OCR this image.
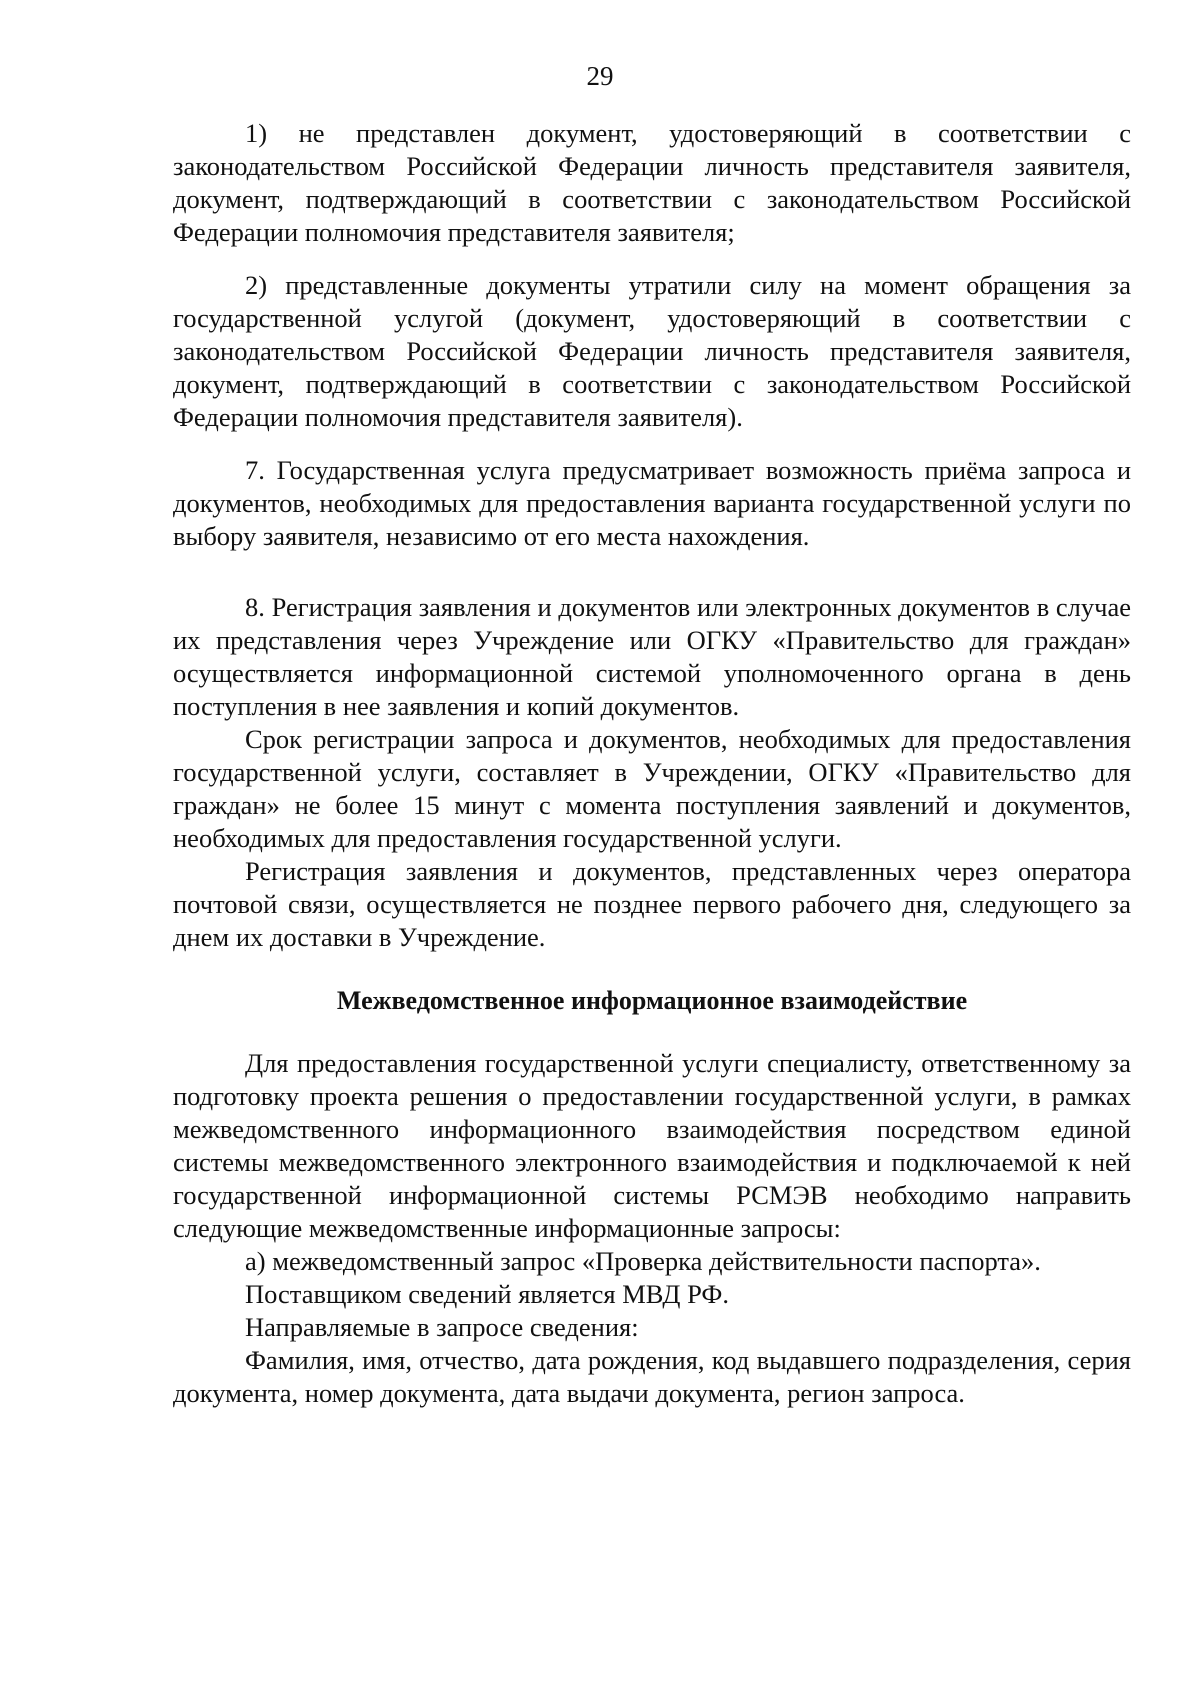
29

1) не представлен документ, удостоверяющий в соответствии с законодательством Российской Федерации личность представителя заявителя, документ, подтверждающий в соответствии с законодательством Российской Федерации полномочия представителя заявителя;

2) представленные документы утратили силу на момент обращения за государственной услугой (документ, удостоверяющий в соответствии с законодательством Российской Федерации личность представителя заявителя, документ, подтверждающий в соответствии с законодательством Российской Федерации полномочия представителя заявителя).

7. Государственная услуга предусматривает возможность приёма запроса и документов, необходимых для предоставления варианта государственной услуги по выбору заявителя, независимо от его места нахождения.

8. Регистрация заявления и документов или электронных документов в случае их представления через Учреждение или ОГКУ «Правительство для граждан» осуществляется информационной системой уполномоченного органа в день поступления в нее заявления и копий документов.

Срок регистрации запроса и документов, необходимых для предоставления государственной услуги, составляет в Учреждении, ОГКУ «Правительство для граждан» не более 15 минут с момента поступления заявлений и документов, необходимых для предоставления государственной услуги.

Регистрация заявления и документов, представленных через оператора почтовой связи, осуществляется не позднее первого рабочего дня, следующего за днем их доставки в Учреждение.

Межведомственное информационное взаимодействие

Для предоставления государственной услуги специалисту, ответственному за подготовку проекта решения о предоставлении государственной услуги, в рамках межведомственного информационного взаимодействия посредством единой системы межведомственного электронного взаимодействия и подключаемой к ней государственной информационной системы РСМЭВ необходимо направить следующие межведомственные информационные запросы:

а) межведомственный запрос «Проверка действительности паспорта».

Поставщиком сведений является МВД РФ.

Направляемые в запросе сведения:

Фамилия, имя, отчество, дата рождения, код выдавшего подразделения, серия документа, номер документа, дата выдачи документа, регион запроса.
